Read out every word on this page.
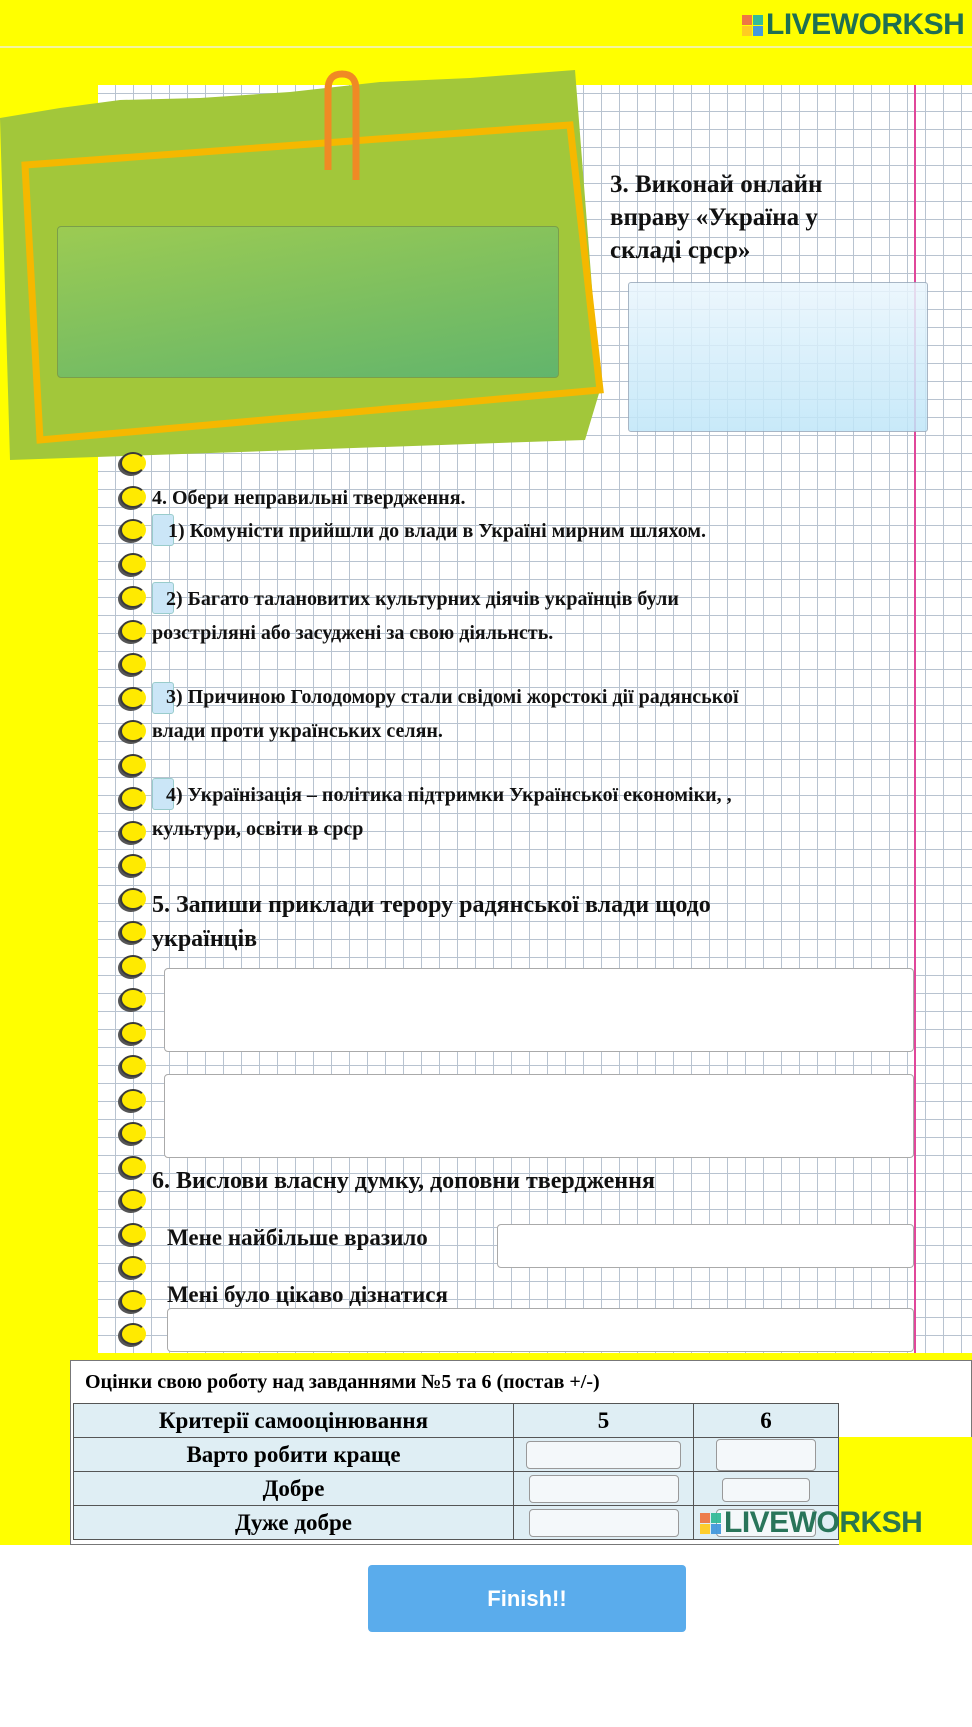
LIVEWORKSH
3. Виконай онлайн
вправу «Україна у
складі срср»
4. Обери неправильні твердження.
1) Комуністи прийшли до влади в Україні мирним шляхом.
2) Багато талановитих культурних діячів українців були
розстріляні або засуджені за свою діяльнсть.
3) Причиною Голодомору стали свідомі жорстокі дії радянської
влади проти українських селян.
4) Українізація – політика підтримки Української економіки, ,
культури, освіти в срср
5. Запиши приклади терору радянської влади щодо
українців
6. Вислови власну думку, доповни твердження
Мене найбільше вразило
Мені було цікаво дізнатися
Оцінки свою роботу над завданнями №5 та 6 (постав +/-)
Критерії самооцінювання	5	6
Варто робити краще		
Добре		
Дуже добре			LIVEWORKSH
Finish!!
